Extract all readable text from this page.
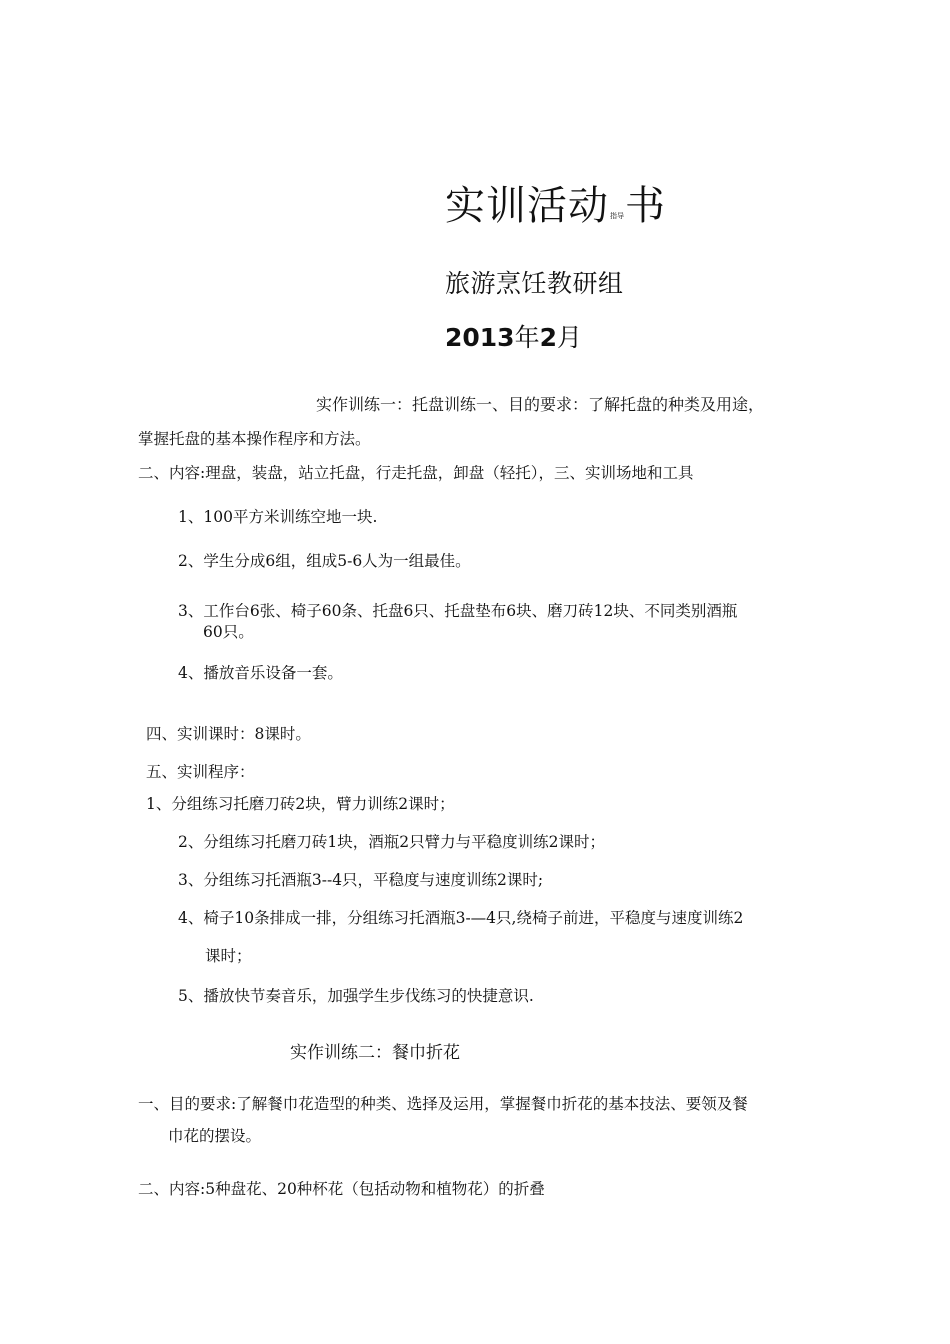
实训活动指导书
旅游烹饪教研组
2013年2月
实作训练一：托盘训练一、目的要求：了解托盘的种类及用途，
掌握托盘的基本操作程序和方法。
二、内容:理盘，装盘，站立托盘，行走托盘，卸盘（轻托），三、实训场地和工具
1、100平方米训练空地一块.
2、学生分成6组，组成5-6人为一组最佳。
3、工作台6张、椅子60条、托盘6只、托盘垫布6块、磨刀砖12块、不同类别酒瓶
60只。
4、播放音乐设备一套。
四、实训课时：8课时。
五、实训程序：
1、分组练习托磨刀砖2块，臂力训练2课时；
2、分组练习托磨刀砖1块，酒瓶2只臂力与平稳度训练2课时；
3、分组练习托酒瓶3--4只，平稳度与速度训练2课时;
4、椅子10条排成一排，分组练习托酒瓶3-—4只,绕椅子前进，平稳度与速度训练2
课时；
5、播放快节奏音乐，加强学生步伐练习的快捷意识.
实作训练二：餐巾折花
一、目的要求:了解餐巾花造型的种类、选择及运用，掌握餐巾折花的基本技法、要领及餐
巾花的摆设。
二、内容:5种盘花、20种杯花（包括动物和植物花）的折叠
